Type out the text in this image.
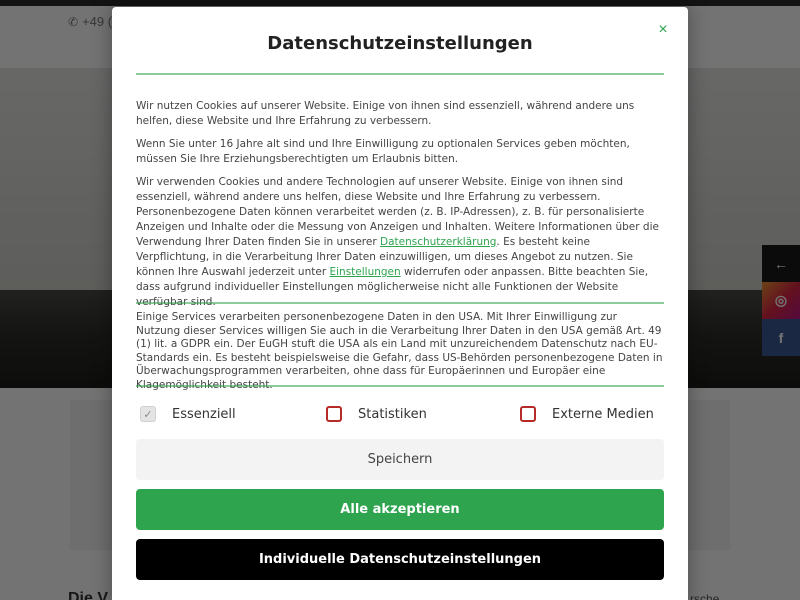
×
Datenschutzeinstellungen
Wir nutzen Cookies auf unserer Website. Einige von ihnen sind essenziell, während andere uns helfen, diese Website und Ihre Erfahrung zu verbessern.
Wenn Sie unter 16 Jahre alt sind und Ihre Einwilligung zu optionalen Services geben möchten, müssen Sie Ihre Erziehungsberechtigten um Erlaubnis bitten.
Wir verwenden Cookies und andere Technologien auf unserer Website. Einige von ihnen sind essenziell, während andere uns helfen, diese Website und Ihre Erfahrung zu verbessern. Personenbezogene Daten können verarbeitet werden (z. B. IP-Adressen), z. B. für personalisierte Anzeigen und Inhalte oder die Messung von Anzeigen und Inhalten. Weitere Informationen über die Verwendung Ihrer Daten finden Sie in unserer Datenschutzerklärung. Es besteht keine Verpflichtung, in die Verarbeitung Ihrer Daten einzuwilligen, um dieses Angebot zu nutzen. Sie können Ihre Auswahl jederzeit unter Einstellungen widerrufen oder anpassen. Bitte beachten Sie, dass aufgrund individueller Einstellungen möglicherweise nicht alle Funktionen der Website
Einige Services verarbeiten personenbezogene Daten in den USA. Mit Ihrer Einwilligung zur Nutzung dieser Services willigen Sie auch in die Verarbeitung Ihrer Daten in den USA gemäß Art. 49 (1) lit. a GDPR ein. Der EuGH stuft die USA als ein Land mit unzureichendem Datenschutz nach EU-Standards ein. Es besteht beispielsweise die Gefahr, dass US-Behörden personenbezogene Daten in Überwachungsprogrammen verarbeiten, ohne dass für Europäerinnen und Europäer eine
✓ Essenziell	Statistiken	Externe Medien
Speichern
Alle akzeptieren
Individuelle Datenschutzeinstellungen
